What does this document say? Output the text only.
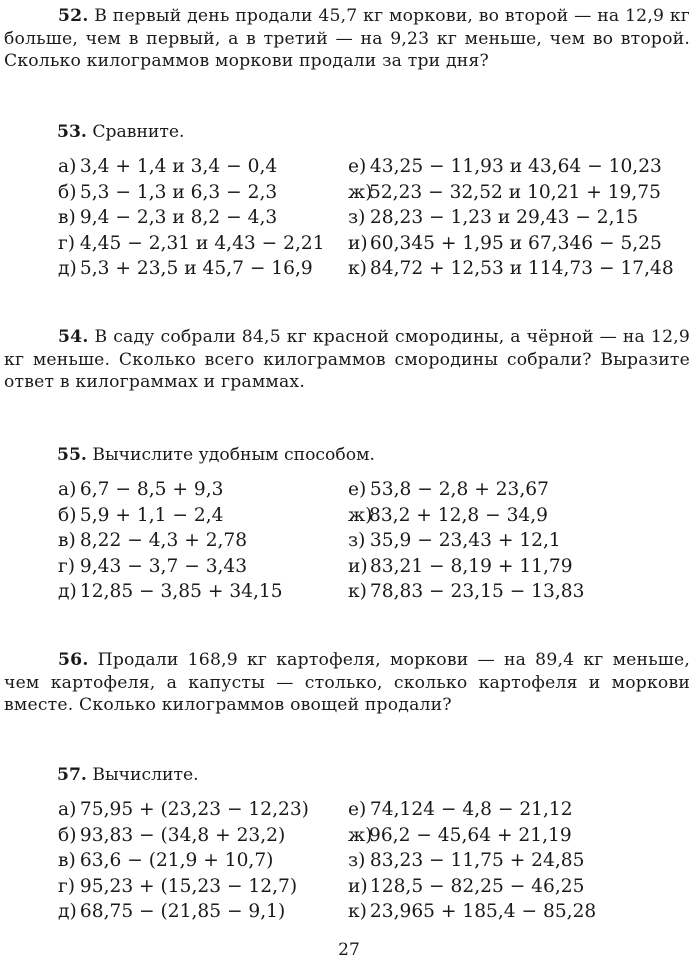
52. В первый день продали 45,7 кг моркови, во второй — на 12,9 кг больше, чем в первый, а в третий — на 9,23 кг меньше, чем во второй. Сколько килограммов моркови продали за три дня?

53. Сравните.

а) 3,4 + 1,4 и 3,4 − 0,4	е) 43,25 − 11,93 и 43,64 − 10,23
б) 5,3 − 1,3 и 6,3 − 2,3	ж)52,23 − 32,52 и 10,21 + 19,75
в) 9,4 − 2,3 и 8,2 − 4,3	з) 28,23 − 1,23 и 29,43 − 2,15
г) 4,45 − 2,31 и 4,43 − 2,21 и) 60,345 + 1,95 и 67,346 − 5,25
д) 5,3 + 23,5 и 45,7 − 16,9 к) 84,72 + 12,53 и 114,73 − 17,48

54. В саду собрали 84,5 кг красной смородины, а чёрной — на 12,9 кг меньше. Сколько всего килограммов смородины собрали? Выразите ответ в килограммах и граммах.

55. Вычислите удобным способом.

а) 6,7 − 8,5 + 9,3	е) 53,8 − 2,8 + 23,67
б) 5,9 + 1,1 − 2,4	ж)83,2 + 12,8 − 34,9
в) 8,22 − 4,3 + 2,78	з) 35,9 − 23,43 + 12,1
г) 9,43 − 3,7 − 3,43	и) 83,21 − 8,19 + 11,79
д) 12,85 − 3,85 + 34,15	к) 78,83 − 23,15 − 13,83

56. Продали 168,9 кг картофеля, моркови — на 89,4 кг меньше, чем картофеля, а капусты — столько, сколько картофеля и моркови вместе. Сколько килограммов овощей продали?

57. Вычислите.

а) 75,95 + (23,23 − 12,23) е) 74,124 − 4,8 − 21,12
б) 93,83 − (34,8 + 23,2)	ж)96,2 − 45,64 + 21,19
в) 63,6 − (21,9 + 10,7)	з) 83,23 − 11,75 + 24,85
г) 95,23 + (15,23 − 12,7)	и) 128,5 − 82,25 − 46,25
д) 68,75 − (21,85 − 9,1)	к) 23,965 + 185,4 − 85,28
27
